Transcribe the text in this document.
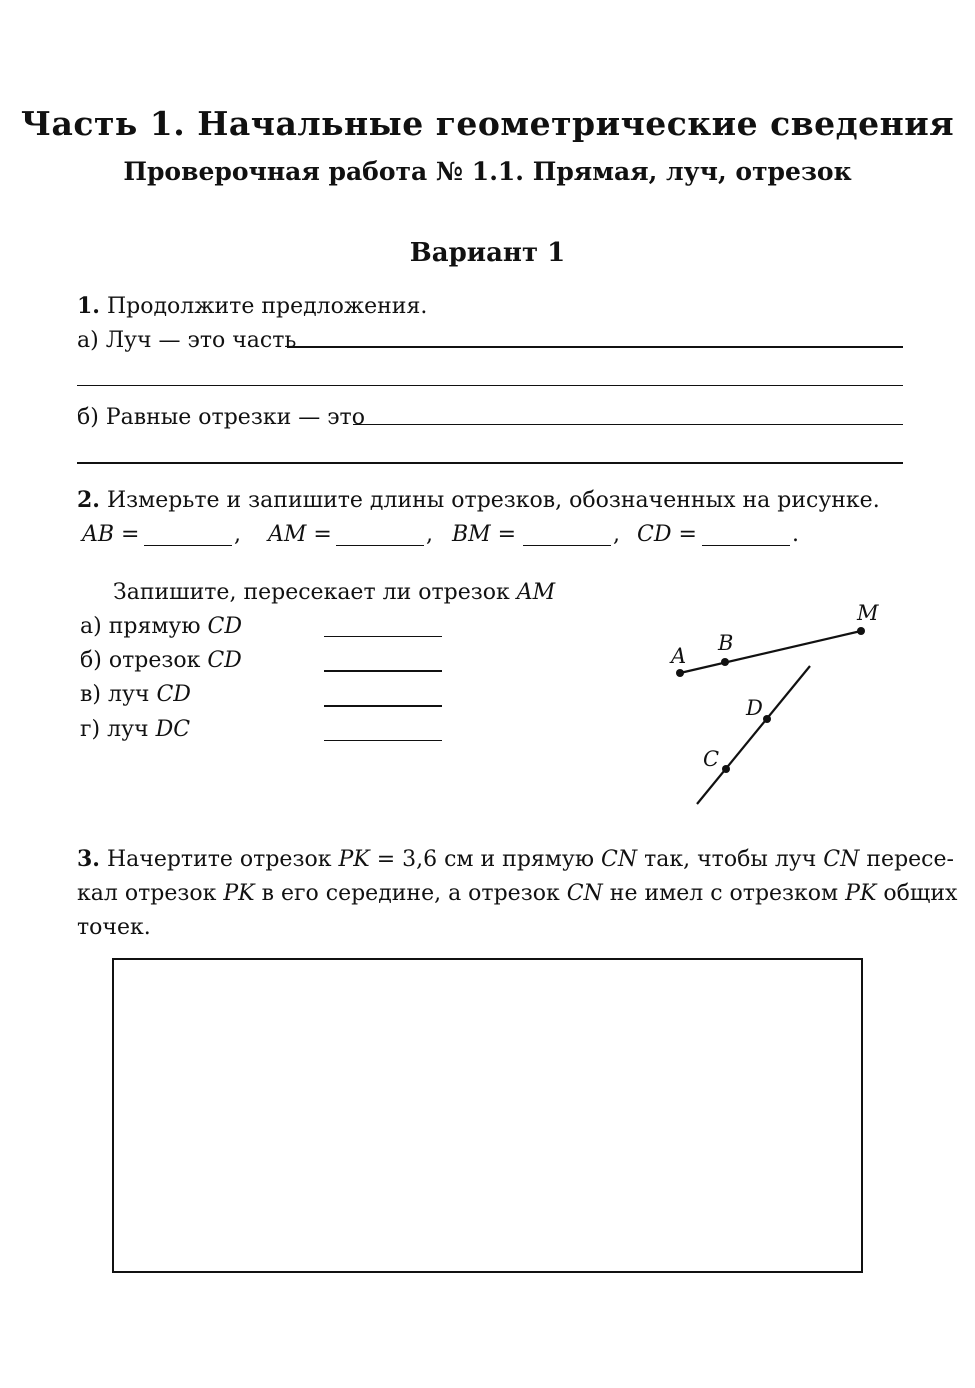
Часть 1. Начальные геометрические сведения
Проверочная работа № 1.1. Прямая, луч, отрезок
Вариант 1
1. Продолжите предложения.
а) Луч — это часть
б) Равные отрезки — это
2. Измерьте и запишите длины отрезков, обозначенных на рисунке.
AB =	, AM =	, BM =	, CD =	.
Запишите, пересекает ли отрезок AM
а) прямую CD
б) отрезок CD
в) луч CD
г) луч DC
A
B
M
D
C
3. Начертите отрезок PK = 3,6 см и прямую CN так, чтобы луч CN пересе-
кал отрезок PK в его середине, а отрезок CN не имел с отрезком PK общих
точек.
